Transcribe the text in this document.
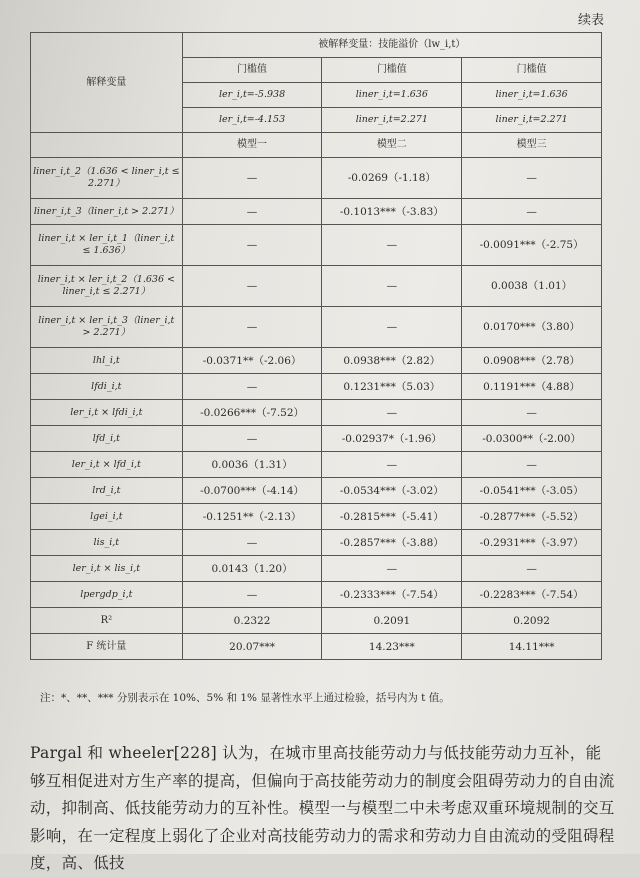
续表
解释变量	被解释变量：技能溢价（lw_i,t）		
	门槛值	门槛值	门槛值
	ler_i,t=-5.938	liner_i,t=1.636	liner_i,t=1.636
	ler_i,t=-4.153	liner_i,t=2.271	liner_i,t=2.271
	模型一	模型二	模型三
liner_i,t_2（1.636 < liner_i,t ≤ 2.271）	—	-0.0269（-1.18）	—
liner_i,t_3（liner_i,t > 2.271）	—	-0.1013***（-3.83）	—
liner_i,t × ler_i,t_1（liner_i,t ≤ 1.636）	—	—	-0.0091***（-2.75）
liner_i,t × ler_i,t_2（1.636 < liner_i,t ≤ 2.271）	—	—	0.0038（1.01）
liner_i,t × ler_i,t_3（liner_i,t > 2.271）	—	—	0.0170***（3.80）
lhl_i,t	-0.0371**（-2.06）	0.0938***（2.82）	0.0908***（2.78）
lfdi_i,t	—	0.1231***（5.03）	0.1191***（4.88）
ler_i,t × lfdi_i,t	-0.0266***（-7.52）	—	—
lfd_i,t	—	-0.02937*（-1.96）	-0.0300**（-2.00）
ler_i,t × lfd_i,t	0.0036（1.31）	—	—
lrd_i,t	-0.0700***（-4.14）	-0.0534***（-3.02）	-0.0541***（-3.05）
lgei_i,t	-0.1251**（-2.13）	-0.2815***（-5.41）	-0.2877***（-5.52）
lis_i,t	—	-0.2857***（-3.88）	-0.2931***（-3.97）
ler_i,t × lis_i,t	0.0143（1.20）	—	—
lpergdp_i,t	—	-0.2333***（-7.54）	-0.2283***（-7.54）
R²	0.2322	0.2091	0.2092
F 统计量	20.07***	14.23***	14.11***
注：*、**、*** 分别表示在 10%、5% 和 1% 显著性水平上通过检验，括号内为 t 值。
Pargal 和 wheeler[228] 认为，在城市里高技能劳动力与低技能劳动力互补，能够互相促进对方生产率的提高，但偏向于高技能劳动力的制度会阻碍劳动力的自由流动，抑制高、低技能劳动力的互补性。模型一与模型二中未考虑双重环境规制的交互影响，在一定程度上弱化了企业对高技能劳动力的需求和劳动力自由流动的受阻碍程度，高、低技
